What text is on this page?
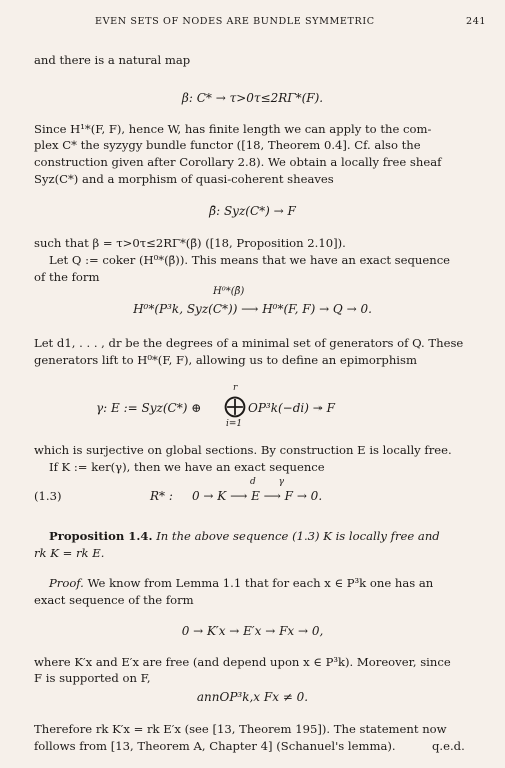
EVEN SETS OF NODES ARE BUNDLE SYMMETRIC	241
and there is a natural map
β: C* → τ>0τ≤2RΓ*(F).
Since H¹*(F, F), hence W, has finite length we can apply to the com-
plex C* the syzygy bundle functor ([18, Theorem 0.4]. Cf. also the
construction given after Corollary 2.8). We obtain a locally free sheaf
Syz(C*) and a morphism of quasi-coherent sheaves
β̄: Syz(C*) → F
such that β = τ>0τ≤2RΓ*(β̄) ([18, Proposition 2.10]).
Let Q := coker (H⁰*(β̄)). This means that we have an exact sequence
of the form
H⁰*(β̄)
H⁰*(P³k, Syz(C*)) ⟶ H⁰*(F, F) → Q → 0.
Let d1, . . . , dr be the degrees of a minimal set of generators of Q. These
generators lift to H⁰*(F, F), allowing us to define an epimorphism
r
γ: E := Syz(C*) ⊕ ⨁ OP³k(−di) ↠ F
i=1
which is surjective on global sections. By construction E is locally free.
If K := ker(γ), then we have an exact sequence
(1.3)
d        γ
R* :     0 → K ⟶ E ⟶ F → 0.
Proposition 1.4. In the above sequence (1.3) K is locally free and
rk K = rk E.
Proof. We know from Lemma 1.1 that for each x ∈ P³k one has an
exact sequence of the form
0 → K′x → E′x → Fx → 0,
where K′x and E′x are free (and depend upon x ∈ P³k). Moreover, since
F is supported on F,
annOP³k,x Fx ≠ 0.
Therefore rk K′x = rk E′x (see [13, Theorem 195]). The statement now
follows from [13, Theorem A, Chapter 4] (Schanuel's lemma).	q.e.d.
